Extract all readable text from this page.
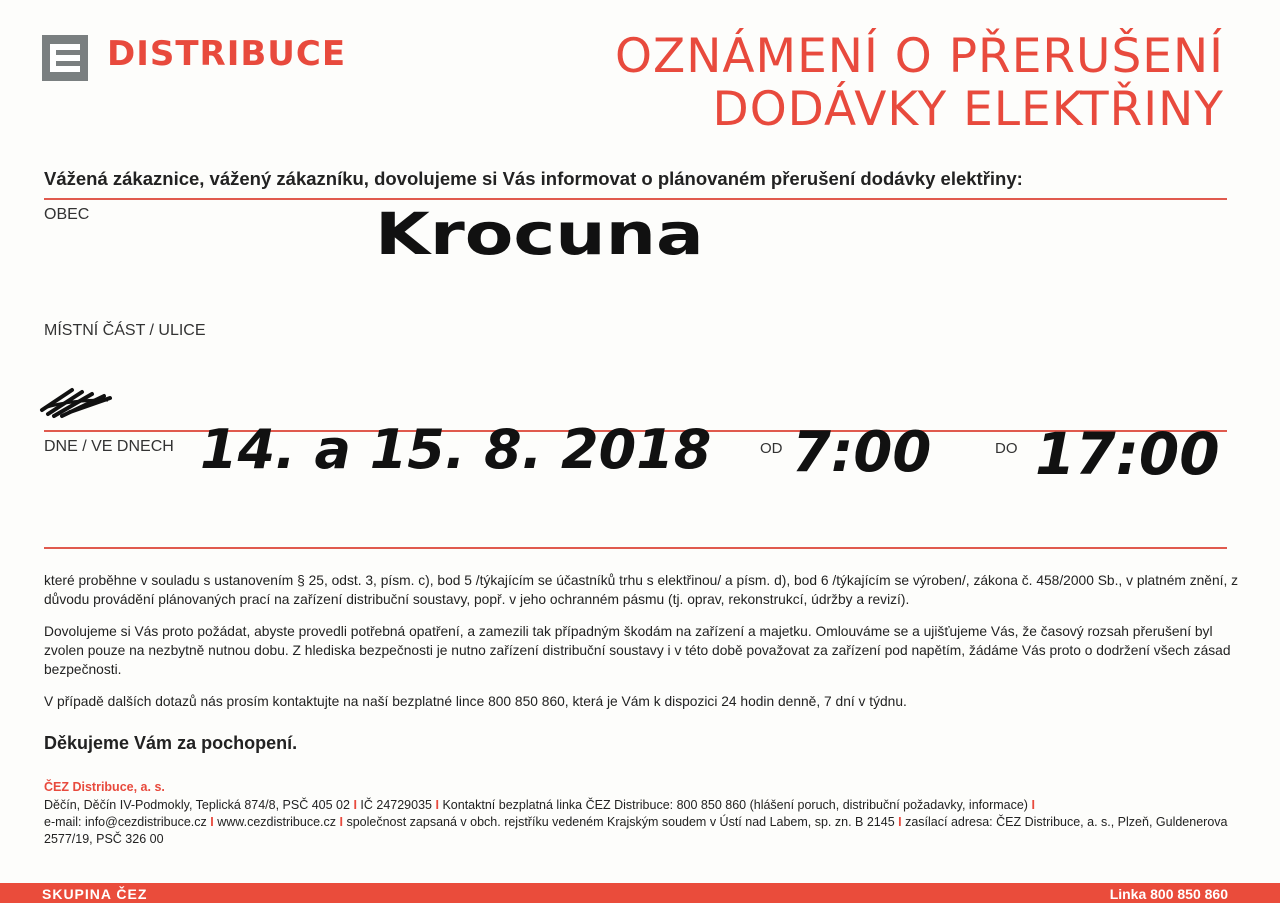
DISTRIBUCE	OZNÁMENÍ O PŘERUŠENÍ
DODÁVKY ELEKTŘINY
Vážená zákaznice, vážený zákazníku, dovolujeme si Vás informovat o plánovaném přerušení dodávky elektřiny:
OBEC	Krocuna
MÍSTNÍ ČÁST / ULICE
DNE / VE DNECH 14. a 15. 8. 2018	OD 7:00	DO 17:00

které proběhne v souladu s ustanovením § 25, odst. 3, písm. c), bod 5 /týkajícím se účastníků trhu s elektřinou/ a písm. d), bod 6 /týkajícím se výroben/, zákona č. 458/2000 Sb., v platném znění, z důvodu provádění plánovaných prací na zařízení distribuční soustavy, popř. v jeho ochranném pásmu (tj. oprav, rekonstrukcí, údržby a revizí).

Dovolujeme si Vás proto požádat, abyste provedli potřebná opatření, a zamezili tak případným škodám na zařízení a majetku. Omlouváme se a ujišťujeme Vás, že časový rozsah přerušení byl zvolen pouze na nezbytně nutnou dobu. Z hlediska bezpečnosti je nutno zařízení distribuční soustavy i v této době považovat za zařízení pod napětím, žádáme Vás proto o dodržení všech zásad bezpečnosti.

V případě dalších dotazů nás prosím kontaktujte na naší bezplatné lince 800 850 860, která je Vám k dispozici 24 hodin denně, 7 dní v týdnu.

Děkujeme Vám za pochopení.
ČEZ Distribuce, a. s.
Děčín, Děčín IV-Podmokly, Teplická 874/8, PSČ 405 02 I IČ 24729035 I Kontaktní bezplatná linka ČEZ Distribuce: 800 850 860 (hlášení poruch, distribuční požadavky, informace) I
e-mail: info@cezdistribuce.cz I www.cezdistribuce.cz I společnost zapsaná v obch. rejstříku vedeném Krajským soudem v Ústí nad Labem, sp. zn. B 2145 I zasílací adresa: ČEZ Distribuce, a. s., Plzeň, Guldenerova 2577/19, PSČ 326 00
SKUPINA ČEZ	Linka 800 850 860
